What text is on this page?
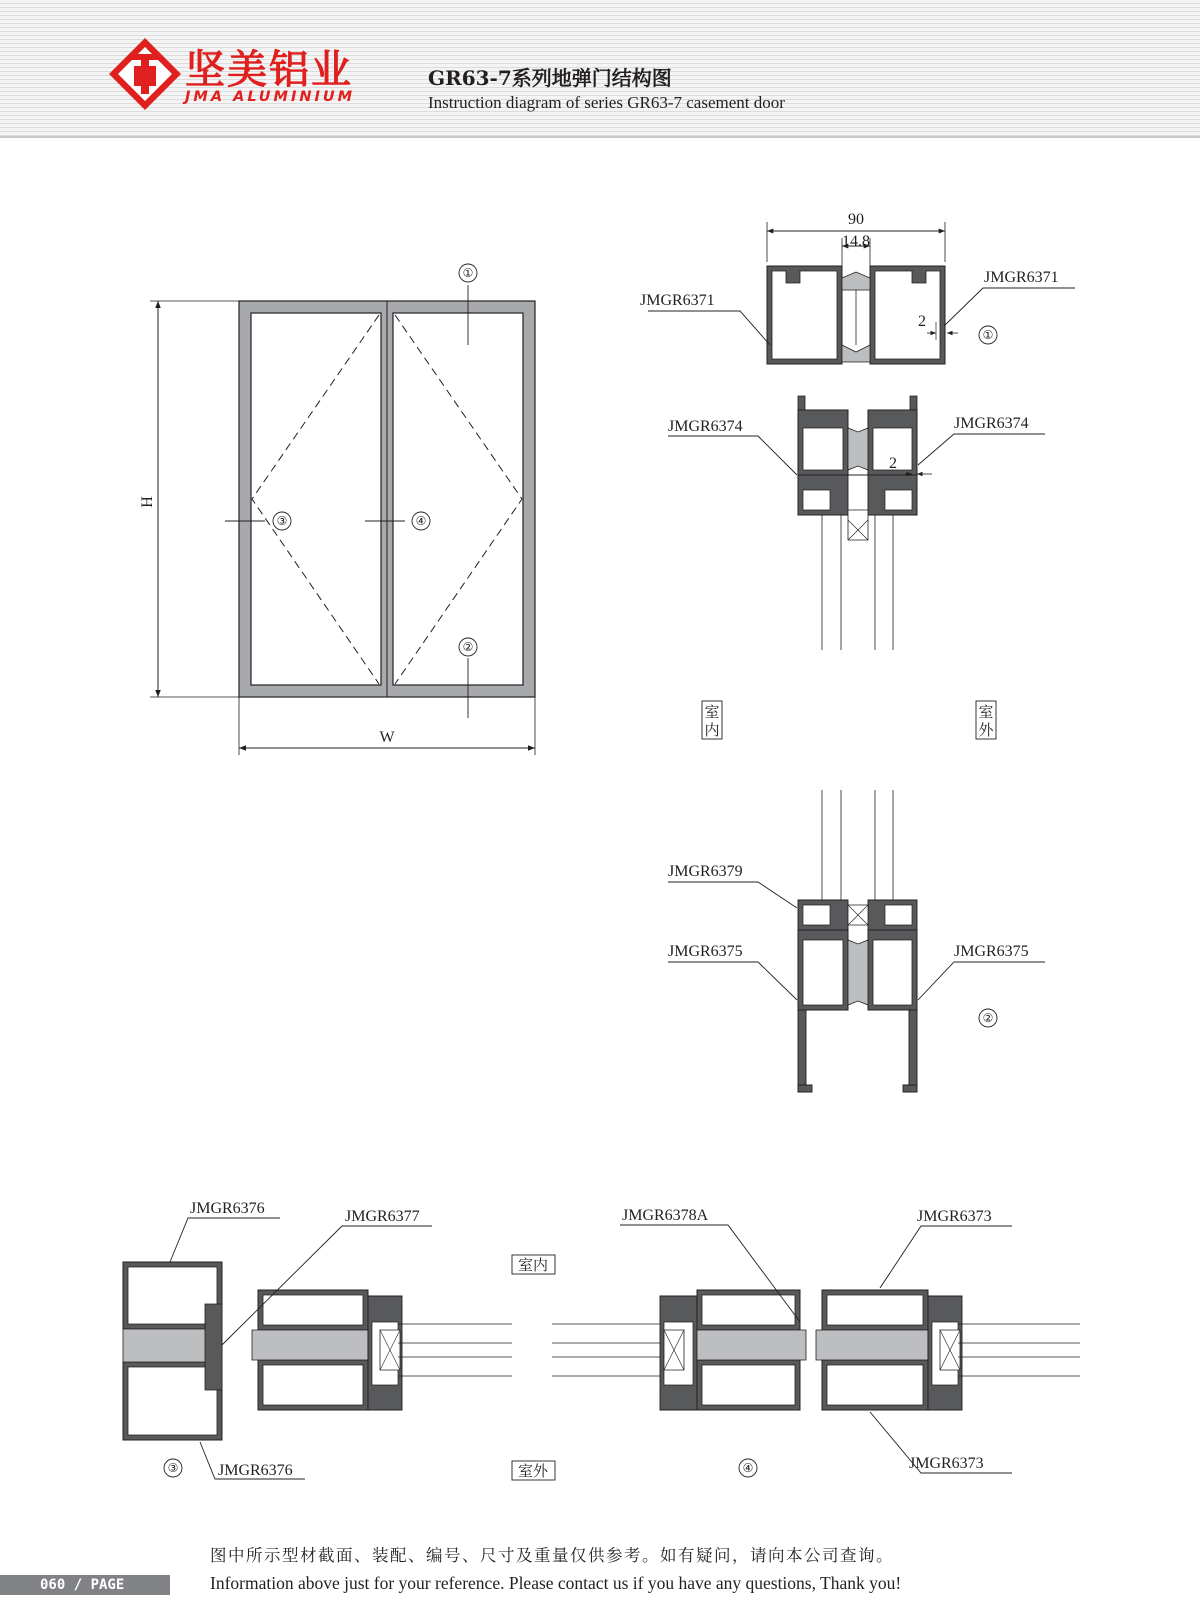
H
W
①
②
③	④
90
14.8
2
JMGR6371
JMGR6371
①
JMGR6374	JMGR6374
2
室
内
室
外
JMGR6379
JMGR6375	JMGR6375
②
JMGR6376	JMGR6377
JMGR6376
③
室内
室外
JMGR6378A	JMGR6373
JMGR6373
④
坚美铝业
JMA ALUMINIUM
GR63-7系列地弹门结构图
Instruction diagram of series GR63-7 casement door
图中所示型材截面、装配、编号、尺寸及重量仅供参考。如有疑问，请向本公司查询。
Information above just for your reference. Please contact us if you have any questions, Thank you!
060 / PAGE
